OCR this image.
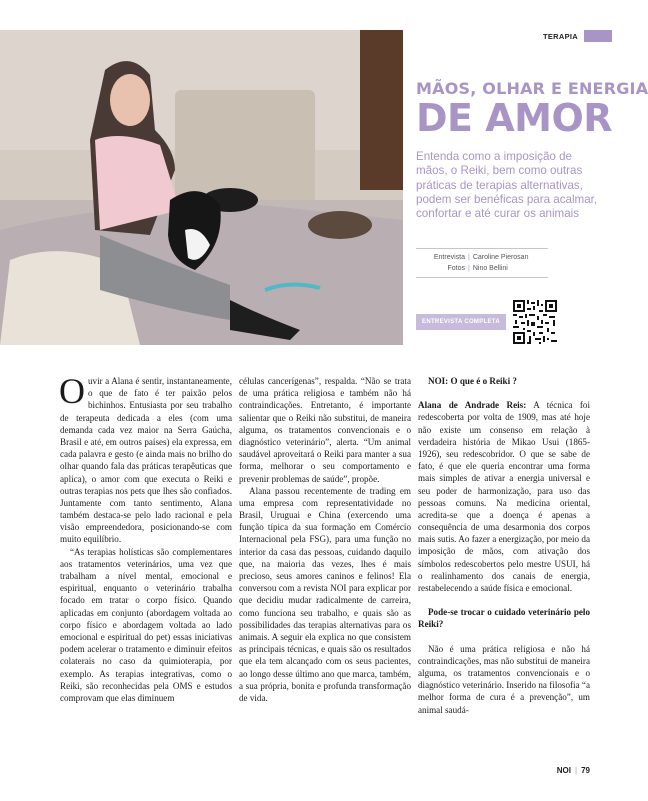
TERAPIA
MÃOS, OLHAR E ENERGIA
DE AMOR
Entenda como a imposição de mãos, o Reiki, bem como outras práticas de terapias alternativas, podem ser benéficas para acalmar, confortar e até curar os animais
Entrevista | Caroline Pierosan
Fotos | Nino Bellini
ENTREVISTA COMPLETA

Ouvir a Alana é sentir, instantaneamente, o que de fato é ter paixão pelos bichinhos. Entusiasta por seu trabalho de terapeuta dedicada a eles (com uma demanda cada vez maior na Serra Gaúcha, Brasil e até, em outros países) ela expressa, em cada palavra e gesto (e ainda mais no brilho do olhar quando fala das práticas terapêuticas que aplica), o amor com que executa o Reiki e outras terapias nos pets que lhes são confiados. Juntamente com tanto sentimento, Alana também destaca-se pelo lado racional e pela visão empreendedora, posicionando-se com muito equilíbrio.

“As terapias holísticas são complementares aos tratamentos veterinários, uma vez que trabalham a nível mental, emocional e espiritual, enquanto o veterinário trabalha focado em tratar o corpo físico. Quando aplicadas em conjunto (abordagem voltada ao corpo físico e abordagem voltada ao lado emocional e espiritual do pet) essas iniciativas podem acelerar o tratamento e diminuir efeitos colaterais no caso da quimioterapia, por exemplo. As terapias integrativas, como o Reiki, são reconhecidas pela OMS e estudos comprovam que elas diminuem

células cancerígenas”, respalda. “Não se trata de uma prática religiosa e também não há contraindicações. Entretanto, é importante salientar que o Reiki não substitui, de maneira alguma, os tratamentos convencionais e o diagnóstico veterinário”, alerta. “Um animal saudável aproveitará o Reiki para manter a sua forma, melhorar o seu comportamento e prevenir problemas de saúde”, propõe.

Alana passou recentemente de trading em uma empresa com representatividade no Brasil, Uruguai e China (exercendo uma função típica da sua formação em Comércio Internacional pela FSG), para uma função no interior da casa das pessoas, cuidando daquilo que, na maioria das vezes, lhes é mais precioso, seus amores caninos e felinos! Ela conversou com a revista NOI para explicar por que decidiu mudar radicalmente de carreira, como funciona seu trabalho, e quais são as possibilidades das terapias alternativas para os animais. A seguir ela explica no que consistem as principais técnicas, e quais são os resultados que ela tem alcançado com os seus pacientes, ao longo desse último ano que marca, também, a sua própria, bonita e profunda transformação de vida.

NOI: O que é o Reiki ?

Alana de Andrade Reis: A técnica foi redescoberta por volta de 1909, mas até hoje não existe um consenso em relação à verdadeira história de Mikao Usui (1865-1926), seu redescobridor. O que se sabe de fato, é que ele queria encontrar uma forma mais simples de ativar a energia universal e seu poder de harmonização, para uso das pessoas comuns. Na medicina oriental, acredita-se que a doença é apenas a consequência de uma desarmonia dos corpos mais sutis. Ao fazer a energização, por meio da imposição de mãos, com ativação dos símbolos redescobertos pelo mestre USUI, há o realinhamento dos canais de energia, restabelecendo a saúde física e emocional.

Pode-se trocar o cuidado veterinário pelo Reiki?

Não é uma prática religiosa e não há contraindicações, mas não substitui de maneira alguma, os tratamentos convencionais e o diagnóstico veterinário. Inserido na filosofia “a melhor forma de cura é a prevenção”, um animal saudá-

NOI | 79
